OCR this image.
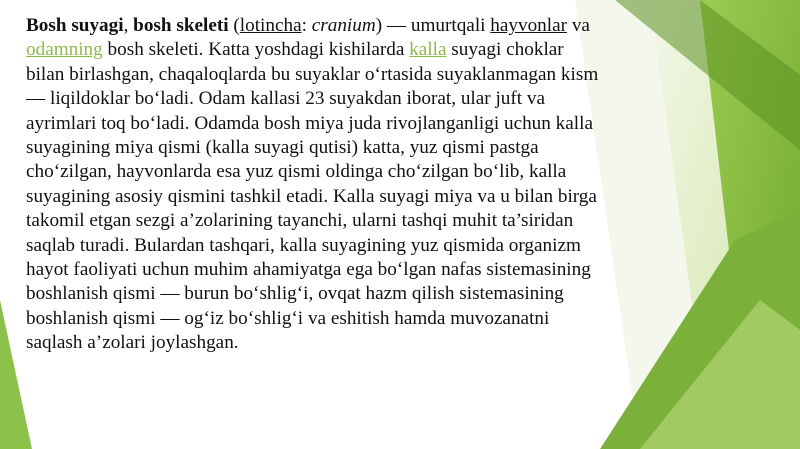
Bosh suyagi, bosh skeleti (lotincha: cranium) — umurtqali hayvonlar va odamning bosh skeleti. Katta yoshdagi kishilarda kalla suyagi choklar bilan birlashgan, chaqaloqlarda bu suyaklar o‘rtasida suyaklanmagan kism — liqildoklar bo‘ladi. Odam kallasi 23 suyakdan iborat, ular juft va ayrimlari toq bo‘ladi. Odamda bosh miya juda rivojlanganligi uchun kalla suyagining miya qismi (kalla suyagi qutisi) katta, yuz qismi pastga cho‘zilgan, hayvonlarda esa yuz qismi oldinga cho‘zilgan bo‘lib, kalla suyagining asosiy qismini tashkil etadi. Kalla suyagi miya va u bilan birga takomil etgan sezgi a’zolarining tayanchi, ularni tashqi muhit ta’siridan saqlab turadi. Bulardan tashqari, kalla suyagining yuz qismida organizm hayot faoliyati uchun muhim ahamiyatga ega bo‘lgan nafas sistemasining boshlanish qismi — burun bo‘shlig‘i, ovqat hazm qilish sistemasining boshlanish qismi — og‘iz bo‘shlig‘i va eshitish hamda muvozanatni saqlash a’zolari joylashgan.
